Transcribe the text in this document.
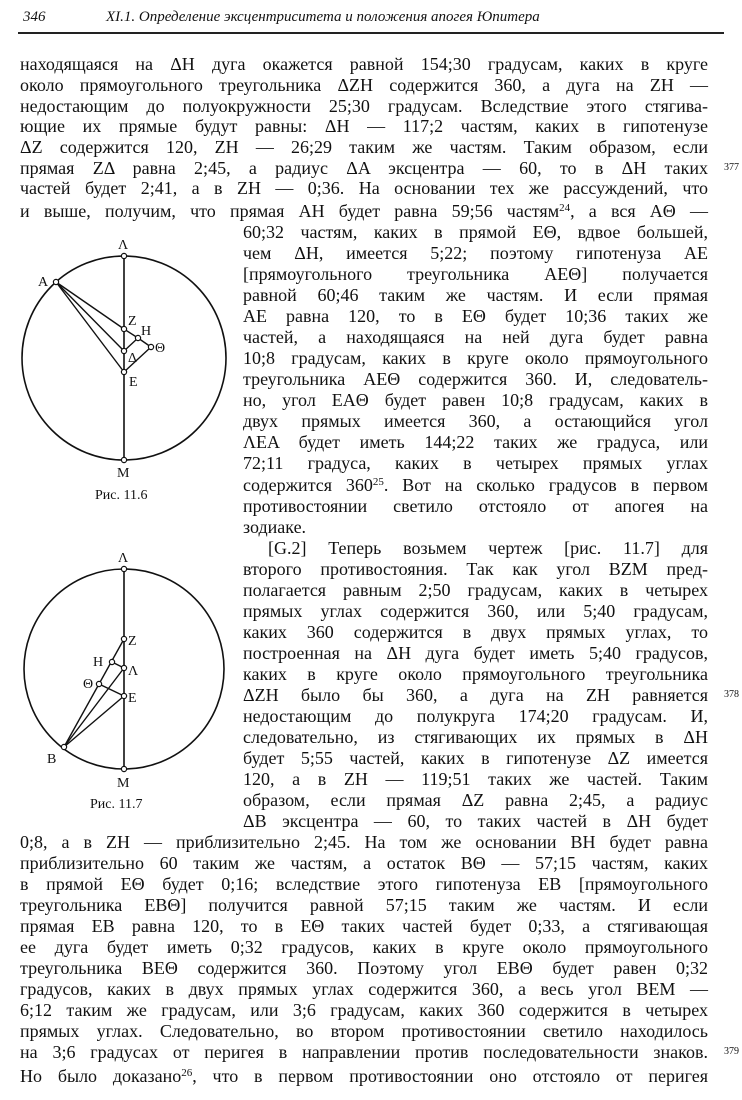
346	XI.1. Определение эксцентриситета и положения апогея Юпитера
находящаяся на ΔH дуга окажется равной 154;30 градусам, каких в круге
около прямоугольного треугольника ΔZH содержится 360, а дуга на ZH —
недостающим до полуокружности 25;30 градусам. Вследствие этого стягива-
ющие их прямые будут равны: ΔH — 117;2 частям, каких в гипотенузе
ΔZ содержится 120, ZH — 26;29 таким же частям. Таким образом, если
прямая ZΔ равна 2;45, а радиус ΔA эксцентра — 60, то в ΔH таких 377
частей будет 2;41, а в ZH — 0;36. На основании тех же рассуждений, что
и выше, получим, что прямая AH будет равна 59;56 частям$^{24}$, а вся AΘ —
Λ
A
Z
H
Θ
Δ
E
M
Рис. 11.6
60;32 частям, каких в прямой EΘ, вдвое большей,
чем ΔH, имеется 5;22; поэтому гипотенуза AE
[прямоугольного треугольника AEΘ] получается
равной 60;46 таким же частям. И если прямая
AE равна 120, то в EΘ будет 10;36 таких же
частей, а находящаяся на ней дуга будет равна
10;8 градусам, каких в круге около прямоугольного
треугольника AEΘ содержится 360. И, следователь-
но, угол EAΘ будет равен 10;8 градусам, каких в
двух прямых имеется 360, а остающийся угол
ΛEA будет иметь 144;22 таких же градуса, или
72;11 градуса, каких в четырех прямых углах
содержится $360^{25}$. Вот на сколько градусов в первом
противостоянии светило отстояло от апогея на
зодиаке.
Λ
Z
H
Λ
Θ
E
B
M
Рис. 11.7
[G.2] Теперь возьмем чертеж [рис. 11.7] для
второго противостояния. Так как угол BZM пред-
полагается равным 2;50 градусам, каких в четырех
прямых углах содержится 360, или 5;40 градусам,
каких 360 содержится в двух прямых углах, то
построенная на ΔH дуга будет иметь 5;40 градусов,
каких в круге около прямоугольного треугольника
ΔZH было бы 360, а дуга на ZH равняется 378
недостающим до полукруга 174;20 градусам. И,
следовательно, из стягивающих их прямых в ΔH
будет 5;55 частей, каких в гипотенузе ΔZ имеется
120, а в ZH — 119;51 таких же частей. Таким
образом, если прямая ΔZ равна 2;45, а радиус
ΔB эксцентра — 60, то таких частей в ΔH будет
0;8, а в ZH — приблизительно 2;45. На том же основании BH будет равна
приблизительно 60 таким же частям, а остаток BΘ — 57;15 частям, каких
в прямой EΘ будет 0;16; вследствие этого гипотенуза EB [прямоугольного
треугольника EBΘ] получится равной 57;15 таким же частям. И если
прямая EB равна 120, то в EΘ таких частей будет 0;33, а стягивающая
ее дуга будет иметь 0;32 градусов, каких в круге около прямоугольного
треугольника BEΘ содержится 360. Поэтому угол EBΘ будет равен 0;32
градусов, каких в двух прямых углах содержится 360, а весь угол BEM —
6;12 таким же градусам, или 3;6 градусам, каких 360 содержится в четырех
прямых углах. Следовательно, во втором противостоянии светило находилось
на 3;6 градусах от перигея в направлении против последовательности знаков. 379
Но было доказано$^{26}$, что в первом противостоянии оно отстояло от перигея
